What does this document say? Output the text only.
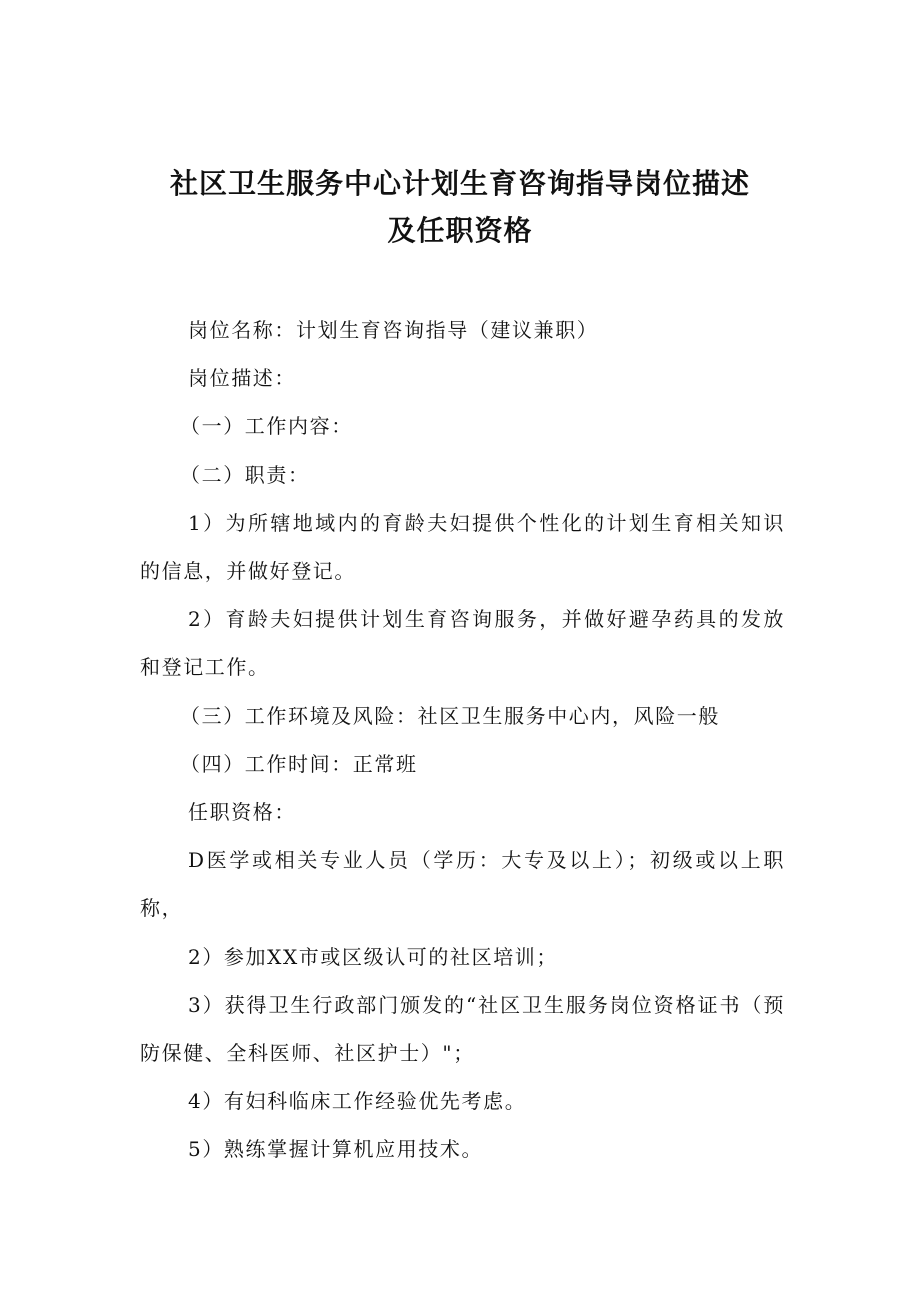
社区卫生服务中心计划生育咨询指导岗位描述
及任职资格

岗位名称：计划生育咨询指导（建议兼职）

岗位描述：

（一）工作内容：

（二）职责：

1）为所辖地域内的育龄夫妇提供个性化的计划生育相关知识的信息，并做好登记。

2）育龄夫妇提供计划生育咨询服务，并做好避孕药具的发放和登记工作。

（三）工作环境及风险：社区卫生服务中心内，风险一般

（四）工作时间：正常班

任职资格：

D医学或相关专业人员（学历：大专及以上）；初级或以上职称，

2）参加XX市或区级认可的社区培训；

3）获得卫生行政部门颁发的“社区卫生服务岗位资格证书（预防保健、全科医师、社区护士）"；

4）有妇科临床工作经验优先考虑。

5）熟练掌握计算机应用技术。
